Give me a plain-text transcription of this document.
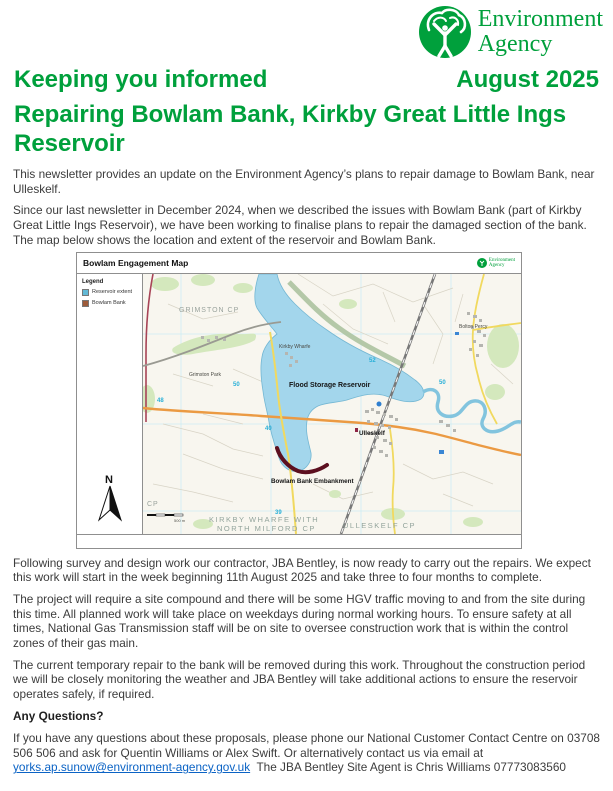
Environment
Agency
Keeping you informed	August 2025
Repairing Bowlam Bank, Kirkby Great Little Ings Reservoir

This newsletter provides an update on the Environment Agency’s plans to repair damage to Bowlam Bank, near Ulleskelf.

Since our last newsletter in December 2024, when we described the issues with Bowlam Bank (part of Kirkby Great Little Ings Reservoir), we have been working to finalise plans to repair the damaged section of the bank. The map below shows the location and extent of the reservoir and Bowlam Bank.

Bowlam Engagement Map	Environment
Agency
Legend
Reservoir extent
Bowlam Bank
N
500 m
GRIMSTON CP
Grimston Park
Kirkby Wharfe
Flood Storage Reservoir
Ulleskelf
Bolton Percy
Bowlam Bank Embankment
KIRKBY WHARFE WITH
NORTH MILFORD CP	ULLESKELF CP
CP
52
50
48
40
39
50

Following survey and design work our contractor, JBA Bentley, is now ready to carry out the repairs. We expect this work will start in the week beginning 11th August 2025 and take three to four months to complete.

The project will require a site compound and there will be some HGV traffic moving to and from the site during this time. All planned work will take place on weekdays during normal working hours. To ensure safety at all times, National Gas Transmission staff will be on site to oversee construction work that is within the control zones of their gas main.

The current temporary repair to the bank will be removed during this work. Throughout the construction period we will be closely monitoring the weather and JBA Bentley will take additional actions to ensure the reservoir operates safely, if required.

Any Questions?

If you have any questions about these proposals, please phone our National Customer Contact Centre on 03708 506 506 and ask for Quentin Williams or Alex Swift. Or alternatively contact us via email at yorks.ap.sunow@environment-agency.gov.uk  The JBA Bentley Site Agent is Chris Williams 07773083560
